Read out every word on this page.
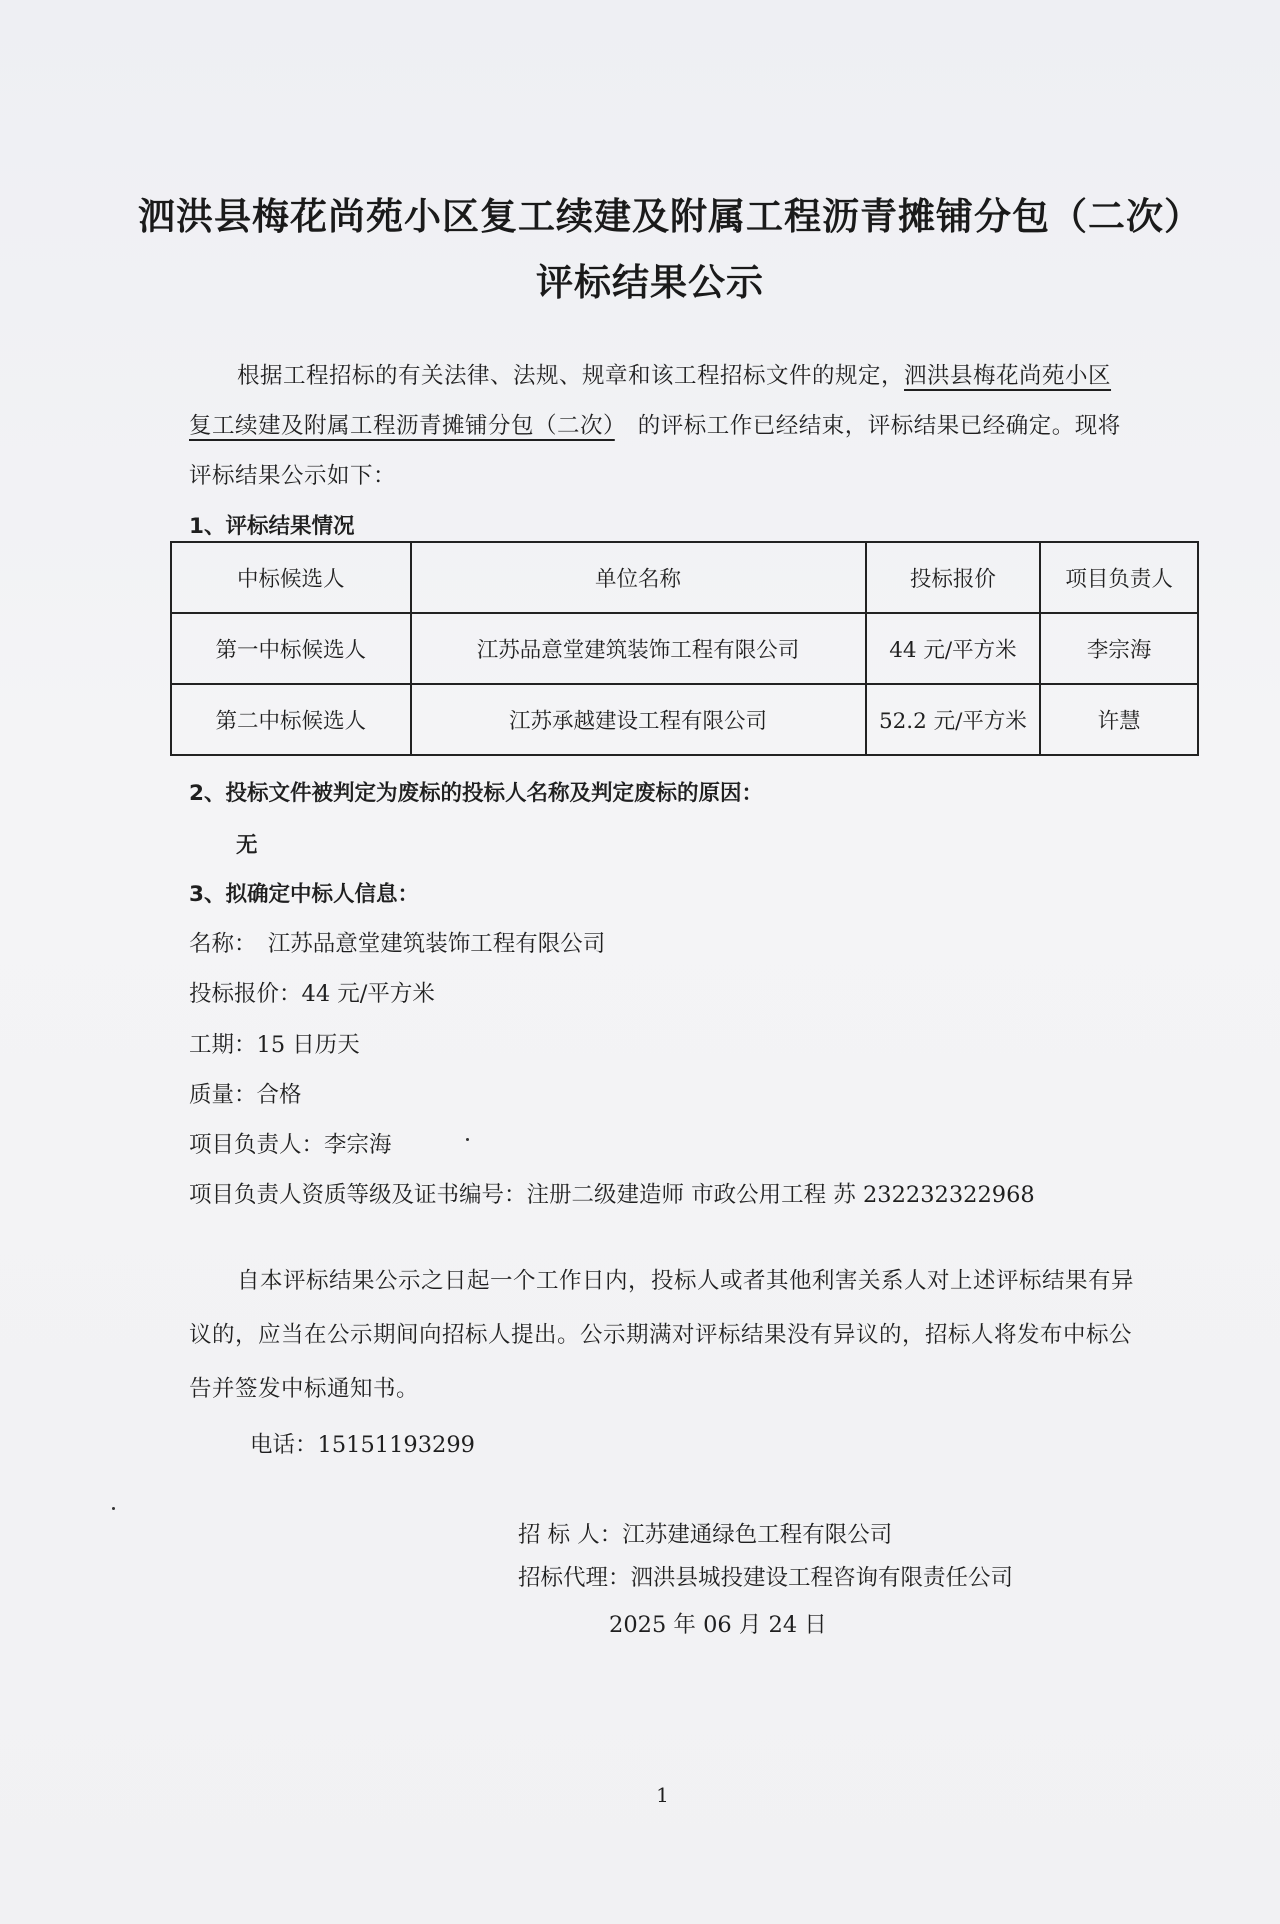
泗洪县梅花尚苑小区复工续建及附属工程沥青摊铺分包（二次）
评标结果公示
根据工程招标的有关法律、法规、规章和该工程招标文件的规定，泗洪县梅花尚苑小区复工续建及附属工程沥青摊铺分包（二次）　 的评标工作已经结束，评标结果已经确定。现将评标结果公示如下：
1、评标结果情况
中标候选人	单位名称	投标报价	项目负责人
第一中标候选人	江苏品意堂建筑装饰工程有限公司	44 元/平方米	李宗海
第二中标候选人	江苏承越建设工程有限公司	52.2 元/平方米	许慧
2、投标文件被判定为废标的投标人名称及判定废标的原因：
无
3、拟确定中标人信息：
名称：　江苏品意堂建筑装饰工程有限公司
投标报价：44 元/平方米
工期：15 日历天
质量：合格
项目负责人：李宗海
项目负责人资质等级及证书编号：注册二级建造师 市政公用工程 苏 232232322968
自本评标结果公示之日起一个工作日内，投标人或者其他利害关系人对上述评标结果有异议的，应当在公示期间向招标人提出。公示期满对评标结果没有异议的，招标人将发布中标公告并签发中标通知书。
电话：15151193299
招 标 人：江苏建通绿色工程有限公司
招标代理：泗洪县城投建设工程咨询有限责任公司
2025 年 06 月 24 日
1
